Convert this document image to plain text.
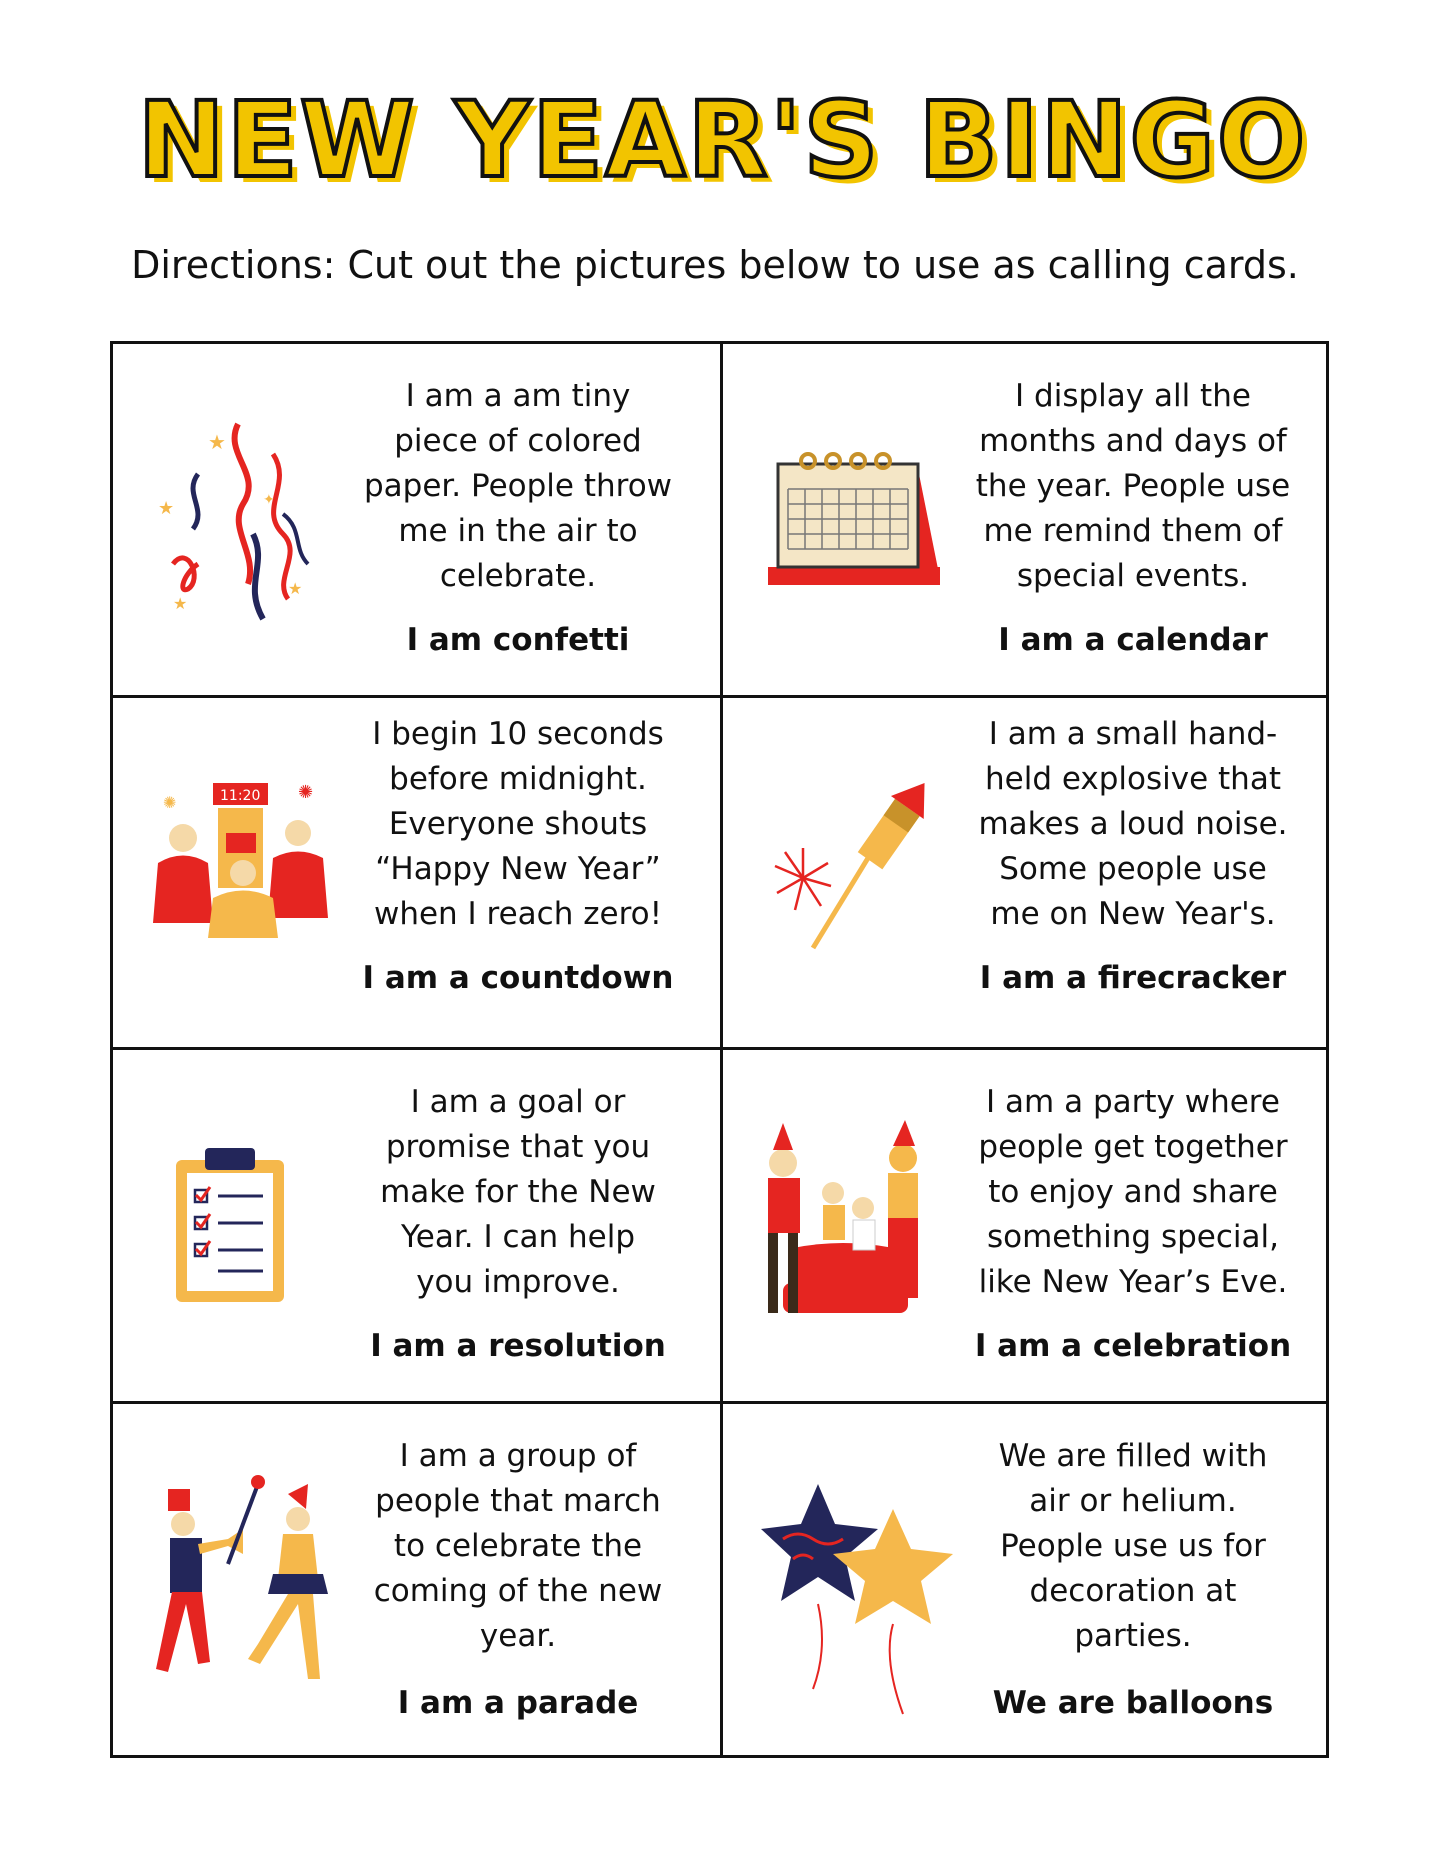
NEW YEAR'S BINGO
Directions: Cut out the pictures below to use as calling cards.
★
★
★
★
✦
I am a am tiny
piece of colored
paper. People throw
me in the air to
celebrate.
I am confetti
I display all the
months and days of
the year. People use
me remind them of
special events.
I am a calendar
11:20 ✺
✺
I begin 10 seconds
before midnight.
Everyone shouts
“Happy New Year”
when I reach zero!
I am a countdown
I am a small hand-
held explosive that
makes a loud noise.
Some people use
me on New Year's.
I am a firecracker
I am a goal or
promise that you
make for the New
Year. I can help
you improve.
I am a resolution
I am a party where
people get together
to enjoy and share
something special,
like New Year’s Eve.
I am a celebration
I am a group of
people that march
to celebrate the
coming of the new
year.
I am a parade
We are filled with
air or helium.
People use us for
decoration at
parties.
We are balloons
